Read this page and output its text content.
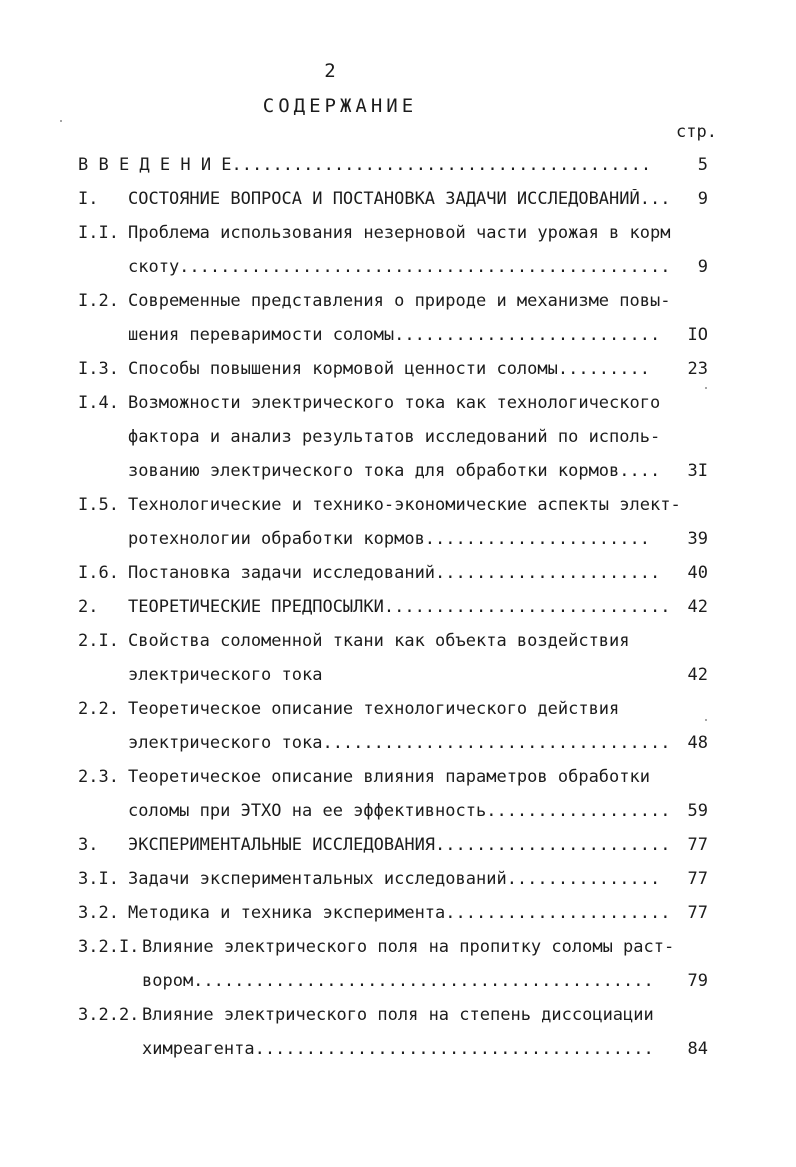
2
СОДЕРЖАНИЕ
стр.
В В Е Д Е Н И Е.........................................	5
I. СОСТОЯНИЕ ВОПРОСА И ПОСТАНОВКА ЗАДАЧИ ИССЛЕДОВАНИЙ...	9
I.I. Проблема использования незерновой части урожая в корм
скоту................................................	9
I.2. Современные представления о природе и механизме повы-
шения переваримости соломы..........................	IO
I.3. Способы повышения кормовой ценности соломы.........	23
I.4. Возможности электрического тока как технологического
фактора и анализ результатов исследований по исполь-
зованию электрического тока для обработки кормов....	3I
I.5. Технологические и технико-экономические аспекты элект-
ротехнологии обработки кормов......................	39
I.6. Постановка задачи исследований......................	40
2. ТЕОРЕТИЧЕСКИЕ ПРЕДПОСЫЛКИ............................	42
2.I. Свойства соломенной ткани как объекта воздействия
электрического тока	42
2.2. Теоретическое описание технологического действия
электрического тока..................................	48
2.3. Теоретическое описание влияния параметров обработки
соломы при ЭТХО на ее эффективность..................	59
3. ЭКСПЕРИМЕНТАЛЬНЫЕ ИССЛЕДОВАНИЯ.......................	77
3.I. Задачи экспериментальных исследований...............	77
3.2. Методика и техника эксперимента......................	77
3.2.I. Влияние электрического поля на пропитку соломы раст-
вором.............................................	79
3.2.2. Влияние электрического поля на степень диссоциации
химреагента.......................................	84
